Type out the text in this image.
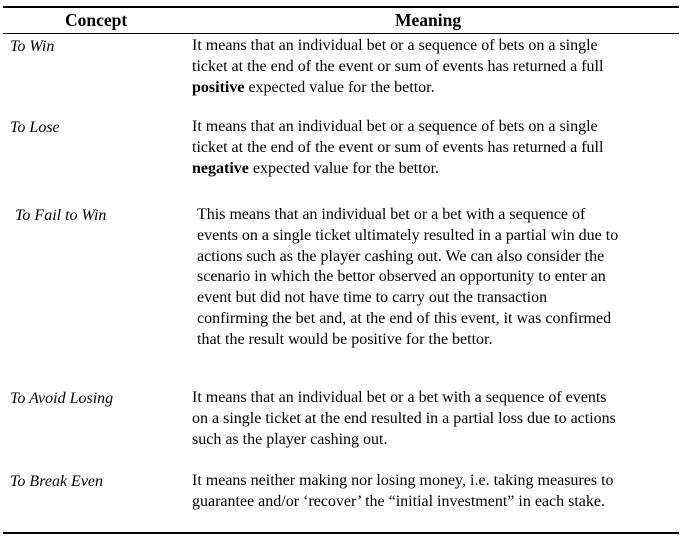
Concept	Meaning
To Win	It means that an individual bet or a sequence of bets on a single
ticket at the end of the event or sum of events has returned a full
positive expected value for the bettor.
To Lose	It means that an individual bet or a sequence of bets on a single
ticket at the end of the event or sum of events has returned a full
negative expected value for the bettor.
To Fail to Win	This means that an individual bet or a bet with a sequence of
events on a single ticket ultimately resulted in a partial win due to
actions such as the player cashing out. We can also consider the
scenario in which the bettor observed an opportunity to enter an
event but did not have time to carry out the transaction
confirming the bet and, at the end of this event, it was confirmed
that the result would be positive for the bettor.
To Avoid Losing	It means that an individual bet or a bet with a sequence of events
on a single ticket at the end resulted in a partial loss due to actions
such as the player cashing out.
To Break Even	It means neither making nor losing money, i.e. taking measures to
guarantee and/or ‘recover’ the “initial investment” in each stake.
